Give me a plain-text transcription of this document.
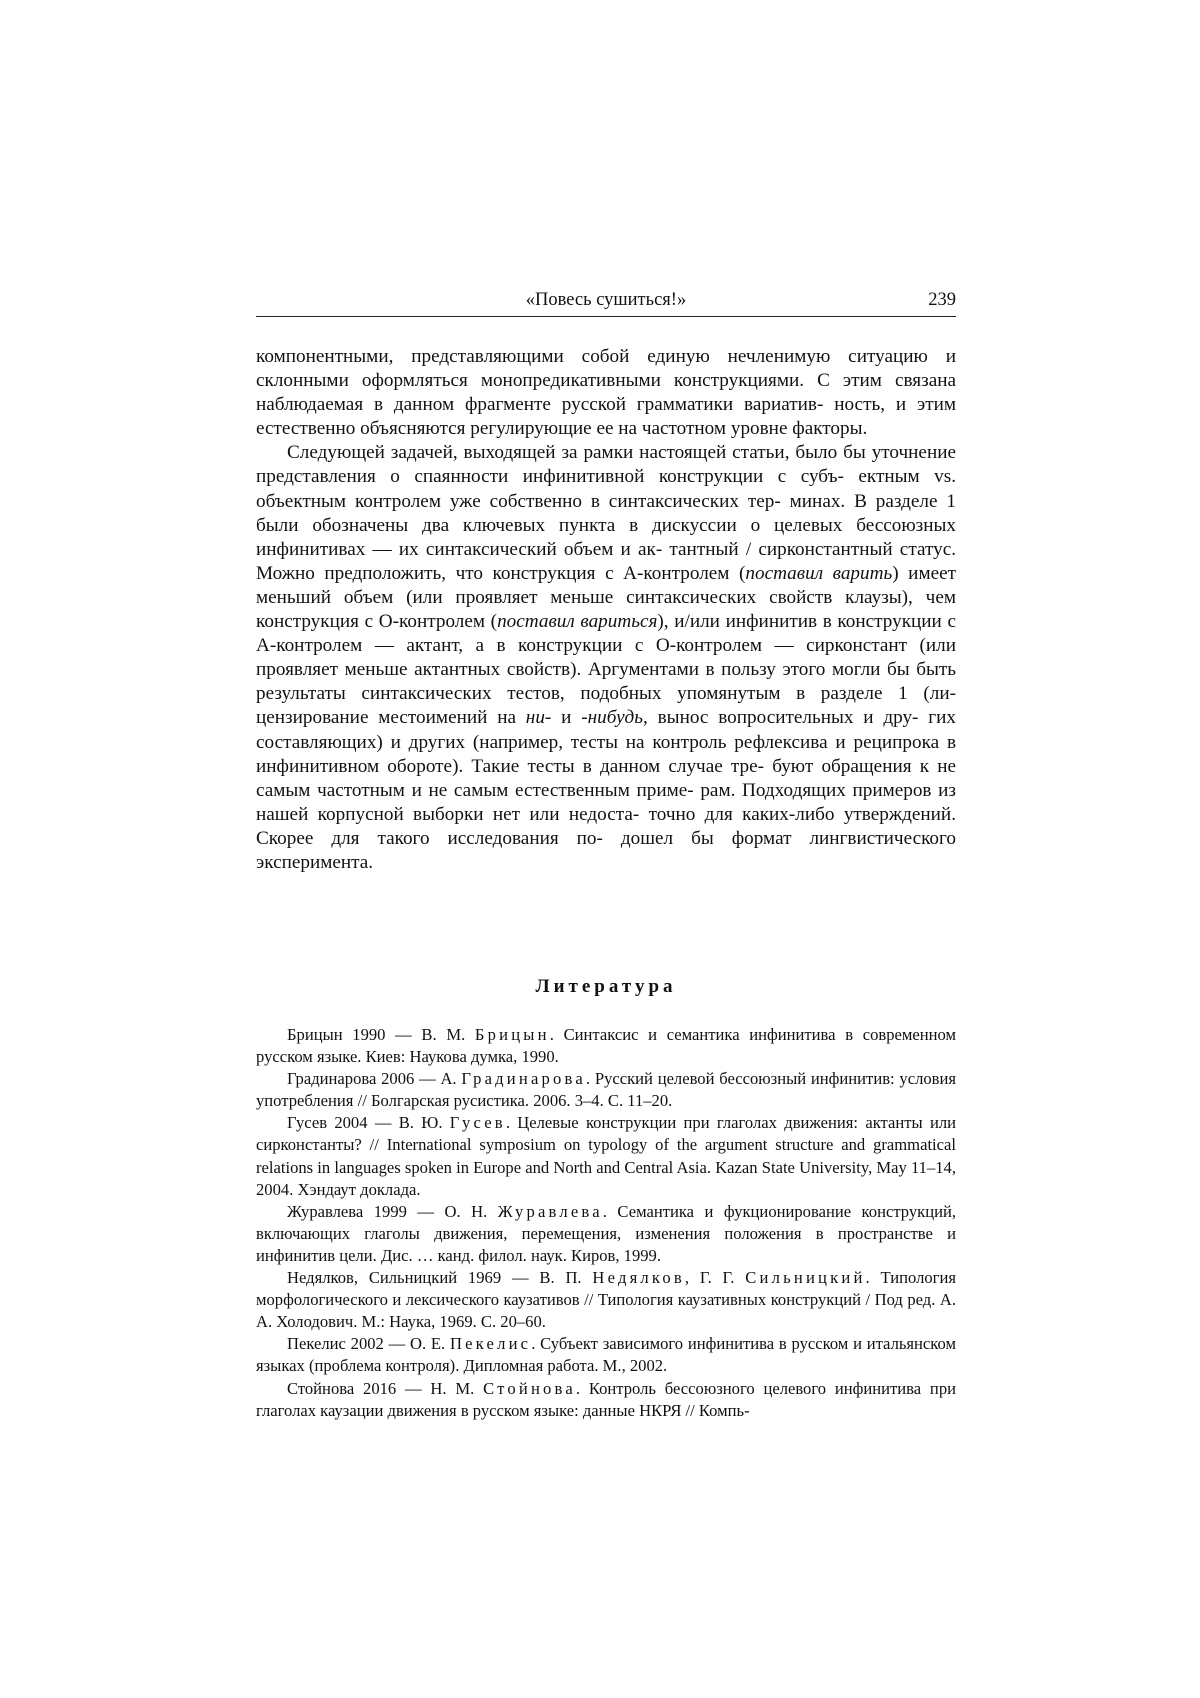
«Повесь сушиться!»	239

компонентными, представляющими собой единую нечленимую ситуацию и склонными оформляться монопредикативными конструкциями. С этим связана наблюдаемая в данном фрагменте русской грамматики вариатив- ность, и этим естественно объясняются регулирующие ее на частотном уровне факторы.

Следующей задачей, выходящей за рамки настоящей статьи, было бы уточнение представления о спаянности инфинитивной конструкции с субъ- ектным vs. объектным контролем уже собственно в синтаксических тер- минах. В разделе 1 были обозначены два ключевых пункта в дискуссии о целевых бессоюзных инфинитивах — их синтаксический объем и ак- тантный / сирконстантный статус. Можно предположить, что конструкция с А-контролем (поставил варить) имеет меньший объем (или проявляет меньше синтаксических свойств клаузы), чем конструкция с О-контролем (поставил вариться), и/или инфинитив в конструкции с А-контролем — актант, а в конструкции с О-контролем — сирконстант (или проявляет меньше актантных свойств). Аргументами в пользу этого могли бы быть результаты синтаксических тестов, подобных упомянутым в разделе 1 (ли- цензирование местоимений на ни- и -нибудь, вынос вопросительных и дру- гих составляющих) и других (например, тесты на контроль рефлексива и реципрока в инфинитивном обороте). Такие тесты в данном случае тре- буют обращения к не самым частотным и не самым естественным приме- рам. Подходящих примеров из нашей корпусной выборки нет или недоста- точно для каких-либо утверждений. Скорее для такого исследования по- дошел бы формат лингвистического эксперимента.

Литература

Брицын 1990 — В. М. Брицын. Синтаксис и семантика инфинитива в современном русском языке. Киев: Наукова думка, 1990.

Градинарова 2006 — А. Градинарова. Русский целевой бессоюзный инфинитив: условия употребления // Болгарская русистика. 2006. 3–4. С. 11–20.

Гусев 2004 — В. Ю. Гусев. Целевые конструкции при глаголах движения: актанты или сирконстанты? // International symposium on typology of the argument structure and grammatical relations in languages spoken in Europe and North and Central Asia. Kazan State University, May 11–14, 2004. Хэндаут доклада.

Журавлева 1999 — О. Н. Журавлева. Семантика и фукционирование конструкций, включающих глаголы движения, перемещения, изменения положения в пространстве и инфинитив цели. Дис. … канд. филол. наук. Киров, 1999.

Недялков, Сильницкий 1969 — В. П. Недялков, Г. Г. Сильницкий. Типология морфологического и лексического каузативов // Типология каузативных конструкций / Под ред. А. А. Холодович. М.: Наука, 1969. С. 20–60.

Пекелис 2002 — О. Е. Пекелис. Субъект зависимого инфинитива в русском и итальянском языках (проблема контроля). Дипломная работа. М., 2002.

Стойнова 2016 — Н. М. Стойнова. Контроль бессоюзного целевого инфинитива при глаголах каузации движения в русском языке: данные НКРЯ // Компь-
